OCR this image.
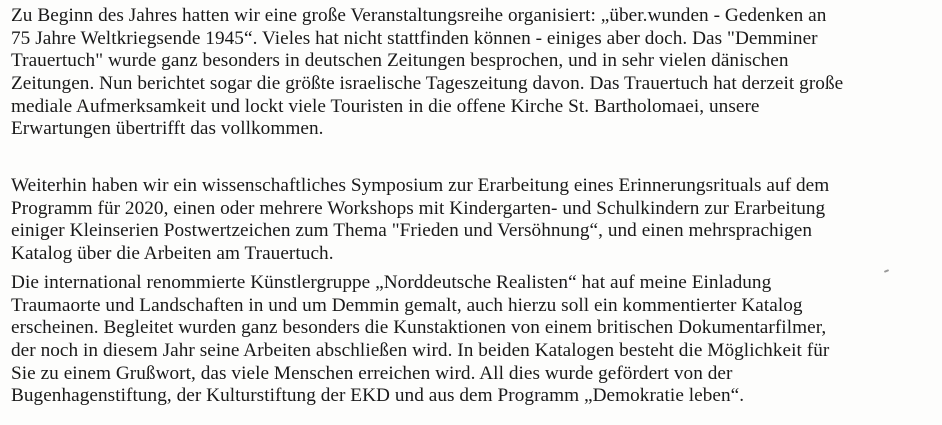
Zu Beginn des Jahres hatten wir eine große Veranstaltungsreihe organisiert: „über.wunden - Gedenken an
75 Jahre Weltkriegsende 1945“. Vieles hat nicht stattfinden können - einiges aber doch. Das "Demminer
Trauertuch" wurde ganz besonders in deutschen Zeitungen besprochen, und in sehr vielen dänischen
Zeitungen. Nun berichtet sogar die größte israelische Tageszeitung davon. Das Trauertuch hat derzeit große
mediale Aufmerksamkeit und lockt viele Touristen in die offene Kirche St. Bartholomaei, unsere
Erwartungen übertrifft das vollkommen.

Weiterhin haben wir ein wissenschaftliches Symposium zur Erarbeitung eines Erinnerungsrituals auf dem
Programm für 2020, einen oder mehrere Workshops mit Kindergarten- und Schulkindern zur Erarbeitung
einiger Kleinserien Postwertzeichen zum Thema "Frieden und Versöhnung“, und einen mehrsprachigen
Katalog über die Arbeiten am Trauertuch.

Die international renommierte Künstlergruppe „Norddeutsche Realisten“ hat auf meine Einladung
Traumaorte und Landschaften in und um Demmin gemalt, auch hierzu soll ein kommentierter Katalog
erscheinen. Begleitet wurden ganz besonders die Kunstaktionen von einem britischen Dokumentarfilmer,
der noch in diesem Jahr seine Arbeiten abschließen wird. In beiden Katalogen besteht die Möglichkeit für
Sie zu einem Grußwort, das viele Menschen erreichen wird. All dies wurde gefördert von der
Bugenhagenstiftung, der Kulturstiftung der EKD und aus dem Programm „Demokratie leben“.
